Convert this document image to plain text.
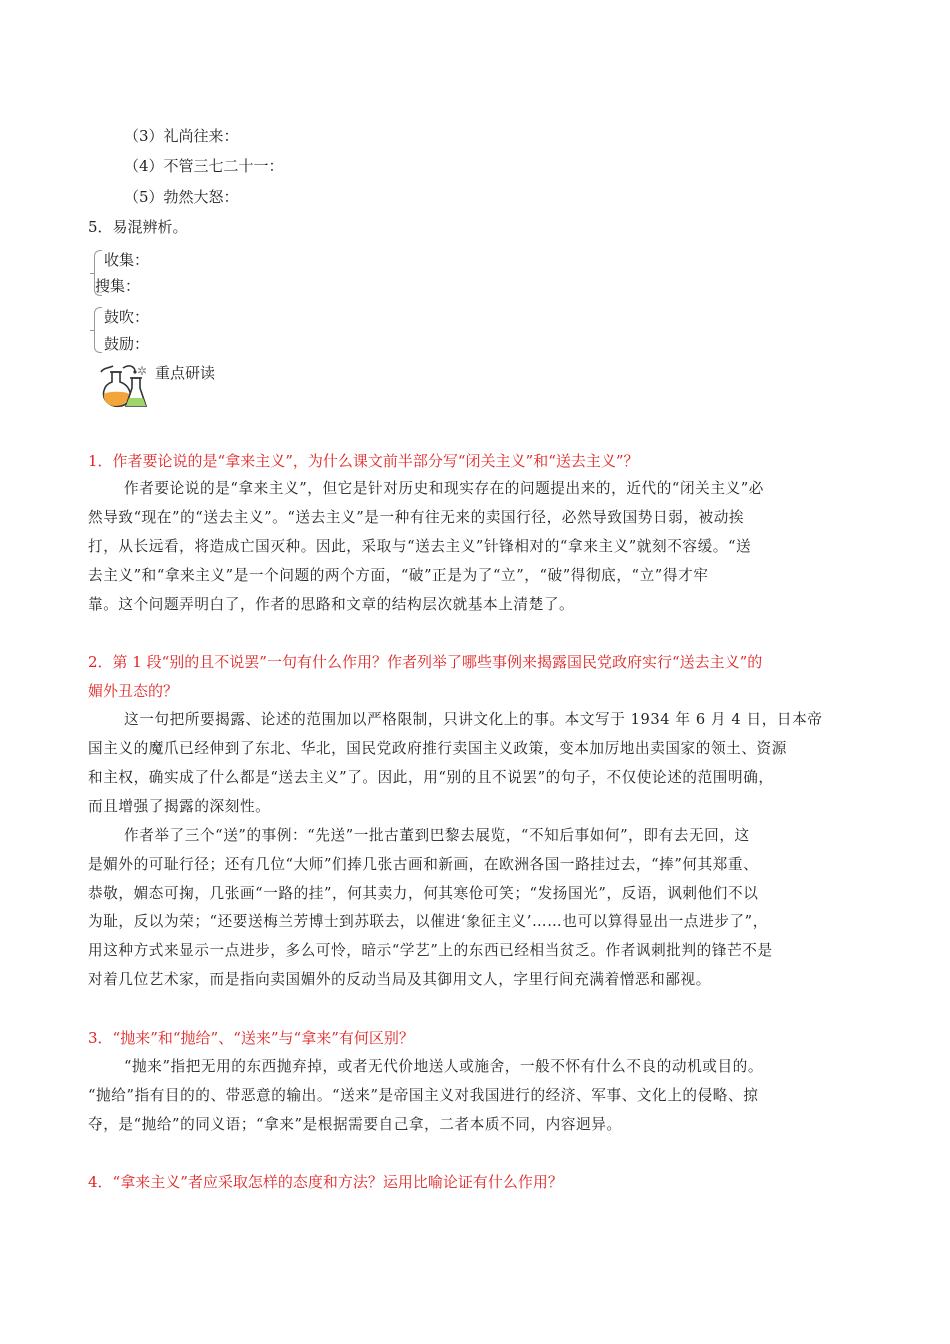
（3）礼尚往来：
（4）不管三七二十一：
（5）勃然大怒：
5．易混辨析。
收集：
搜集：
鼓吹：
鼓励：
✲ 重点研读
1．作者要论说的是“拿来主义”，为什么课文前半部分写“闭关主义”和“送去主义”？
作者要论说的是“拿来主义”，但它是针对历史和现实存在的问题提出来的，近代的“闭关主义”必
然导致“现在”的“送去主义”。“送去主义”是一种有往无来的卖国行径，必然导致国势日弱，被动挨
打，从长远看，将造成亡国灭种。因此，采取与“送去主义”针锋相对的“拿来主义”就刻不容缓。“送
去主义”和“拿来主义”是一个问题的两个方面，“破”正是为了“立”，“破”得彻底，“立”得才牢
靠。这个问题弄明白了，作者的思路和文章的结构层次就基本上清楚了。
2．第 1 段“别的且不说罢”一句有什么作用？作者列举了哪些事例来揭露国民党政府实行“送去主义”的
媚外丑态的？
这一句把所要揭露、论述的范围加以严格限制，只讲文化上的事。本文写于 1934 年 6 月 4 日，日本帝
国主义的魔爪已经伸到了东北、华北，国民党政府推行卖国主义政策，变本加厉地出卖国家的领土、资源
和主权，确实成了什么都是“送去主义”了。因此，用“别的且不说罢”的句子，不仅使论述的范围明确，
而且增强了揭露的深刻性。
作者举了三个“送”的事例：“先送”一批古董到巴黎去展览，“不知后事如何”，即有去无回，这
是媚外的可耻行径；还有几位“大师”们捧几张古画和新画，在欧洲各国一路挂过去，“捧”何其郑重、
恭敬，媚态可掬，几张画“一路的挂”，何其卖力，何其寒伧可笑；“发扬国光”，反语，讽刺他们不以
为耻，反以为荣；“还要送梅兰芳博士到苏联去，以催进‘象征主义’……也可以算得显出一点进步了”，
用这种方式来显示一点进步，多么可怜，暗示“学艺”上的东西已经相当贫乏。作者讽刺批判的锋芒不是
对着几位艺术家，而是指向卖国媚外的反动当局及其御用文人，字里行间充满着憎恶和鄙视。
3．“抛来”和“抛给”、“送来”与“拿来”有何区别？
“抛来”指把无用的东西抛弃掉，或者无代价地送人或施舍，一般不怀有什么不良的动机或目的。
“抛给”指有目的的、带恶意的输出。“送来”是帝国主义对我国进行的经济、军事、文化上的侵略、掠
夺，是“抛给”的同义语；“拿来”是根据需要自己拿，二者本质不同，内容迥异。
4．“拿来主义”者应采取怎样的态度和方法？运用比喻论证有什么作用？
